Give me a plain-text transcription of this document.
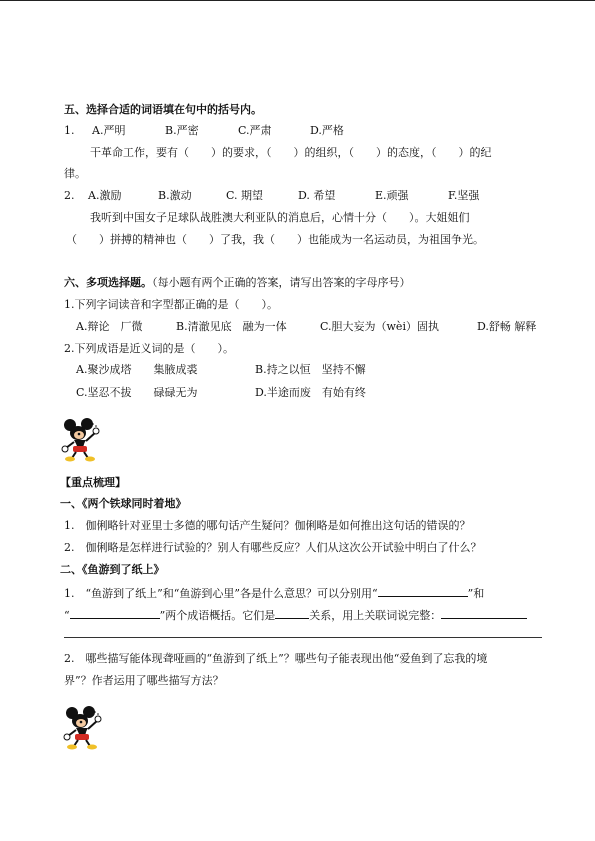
五、选择合适的词语填在句中的括号内。
1. A.严明	B.严密	C.严肃	D.严格
干革命工作，要有（ ）的要求，（ ）的组织，（ ）的态度，（ ）的纪
律。
2. A.激励	B.激动	C. 期望	D. 希望	E.顽强	F.坚强
我听到中国女子足球队战胜澳大利亚队的消息后，心情十分（　　）。大姐姐们
（　　）拼搏的精神也（　　）了我，我（　　）也能成为一名运动员，为祖国争光。
六、多项选择题。（每小题有两个正确的答案，请写出答案的字母序号）
1.下列字词读音和字型都正确的是（　　）。
A.辩论　厂微	B.清澈见底　融为一体	C.胆大妄为（wèi）固执	D.舒畅 解释
2.下列成语是近义词的是（　　）。
A.聚沙成塔　　集腋成裘	B.持之以恒　坚持不懈
C.坚忍不拔　　碌碌无为	D.半途而废　有始有终
【重点梳理】
一、《两个铁球同时着地》
1.　伽俐略针对亚里士多德的哪句话产生疑问？伽俐略是如何推出这句话的错误的？
2.　伽俐略是怎样进行试验的？别人有哪些反应？人们从这次公开试验中明白了什么？
二、《鱼游到了纸上》
1.　“鱼游到了纸上”和“鱼游到心里”各是什么意思？可以分别用“	”和
“	”两个成语概括。它们是	关系，用上关联词说完整：
2.　哪些描写能体现聋哑画的“鱼游到了纸上”？哪些句子能表现出他“爱鱼到了忘我的境
界”？作者运用了哪些描写方法？
